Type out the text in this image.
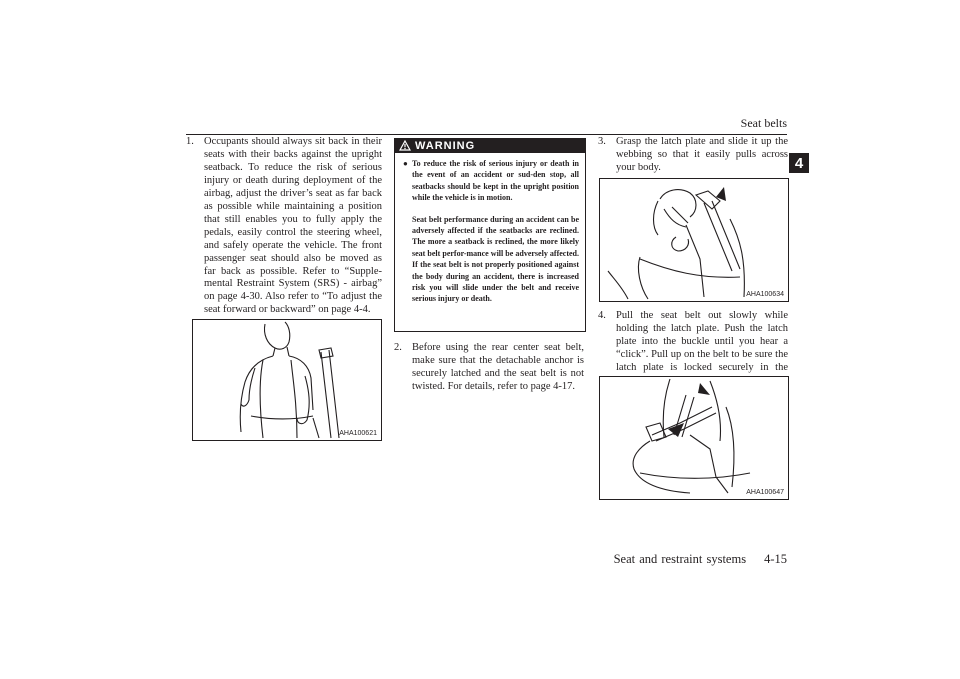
Seat belts
4
1. Occupants should always sit back in their seats with their backs against the upright seatback. To reduce the risk of serious injury or death during deployment of the airbag, adjust the driver’s seat as far back as possible while maintaining a position that still enables you to fully apply the pedals, easily control the steering wheel, and safely operate the vehicle. The front passenger seat should also be moved as far back as possible. Refer to “Supple-mental Restraint System (SRS) - airbag” on page 4-30. Also refer to “To adjust the seat forward or backward” on page 4-4.
AHA100621
WARNING
● To reduce the risk of serious injury or death in the event of an accident or sud-den stop, all seatbacks should be kept in the upright position while the vehicle is in motion.

Seat belt performance during an accident can be adversely affected if the seatbacks are reclined. The more a seatback is reclined, the more likely seat belt perfor-mance will be adversely affected. If the seat belt is not properly positioned against the body during an accident, there is increased risk you will slide under the belt and receive serious injury or death.

2. Before using the rear center seat belt, make sure that the detachable anchor is securely latched and the seat belt is not twisted. For details, refer to page 4-17.
3. Grasp the latch plate and slide it up the webbing so that it easily pulls across your body.
AHA100634
4. Pull the seat belt out slowly while holding the latch plate. Push the latch plate into the buckle until you hear a “click”. Pull up on the belt to be sure the latch plate is locked securely in the
AHA100647
Seat and restraint systems 4-15
